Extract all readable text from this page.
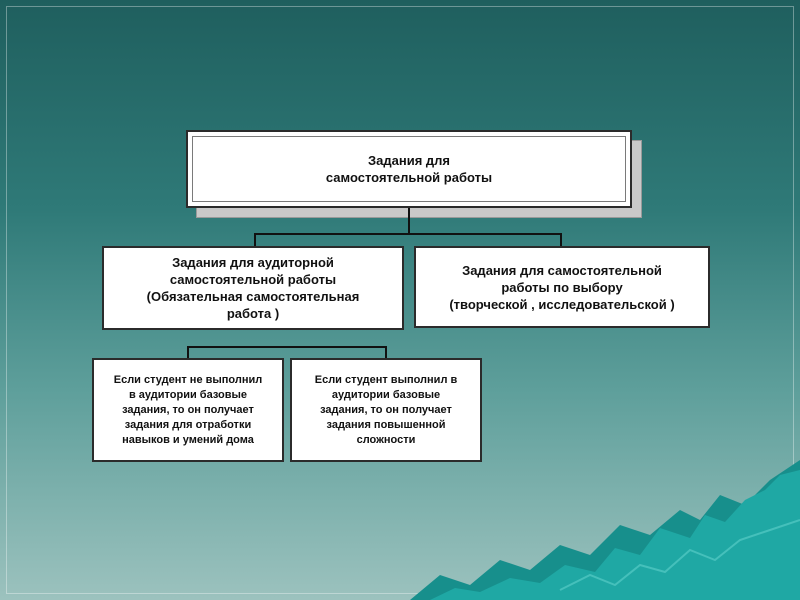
Задания для
самостоятельной работы
Задания для аудиторной
самостоятельной работы
(Обязательная самостоятельная
работа )
Задания для самостоятельной
работы по выбору
(творческой , исследовательской )
Если студент не выполнил
в аудитории базовые
задания, то он получает
задания для отработки
навыков и умений дома
Если студент выполнил в
аудитории базовые
задания, то он получает
задания повышенной
сложности
